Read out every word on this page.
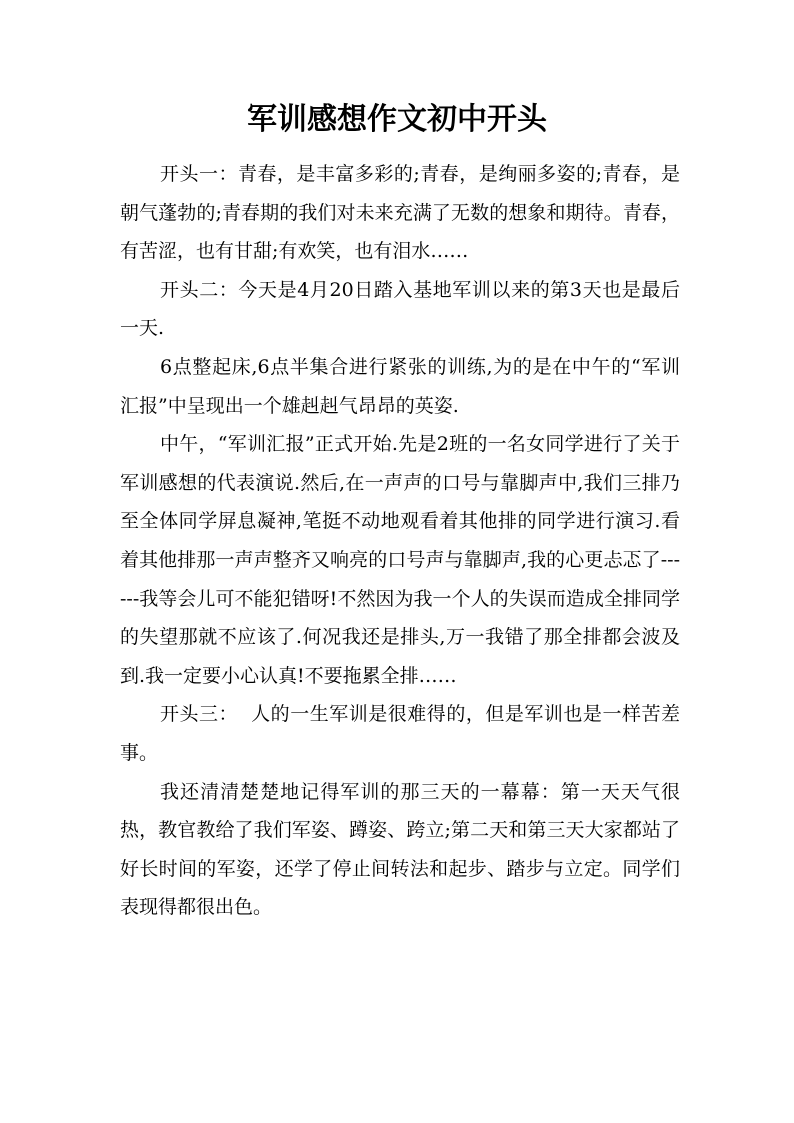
军训感想作文初中开头

开头一：青春，是丰富多彩的;青春，是绚丽多姿的;青春，是朝气蓬勃的;青春期的我们对未来充满了无数的想象和期待。青春，有苦涩，也有甘甜;有欢笑，也有泪水……

开头二：今天是4月20日踏入基地军训以来的第3天也是最后一天.

6点整起床,6点半集合进行紧张的训练,为的是在中午的“军训汇报”中呈现出一个雄赳赳气昂昂的英姿.

中午，“军训汇报”正式开始.先是2班的一名女同学进行了关于军训感想的代表演说.然后,在一声声的口号与靠脚声中,我们三排乃至全体同学屏息凝神,笔挺不动地观看着其他排的同学进行演习.看着其他排那一声声整齐又响亮的口号声与靠脚声,我的心更忐忑了------我等会儿可不能犯错呀!不然因为我一个人的失误而造成全排同学的失望那就不应该了.何况我还是排头,万一我错了那全排都会波及到.我一定要小心认真!不要拖累全排……

开头三：  人的一生军训是很难得的，但是军训也是一样苦差事。

我还清清楚楚地记得军训的那三天的一幕幕：第一天天气很热，教官教给了我们军姿、蹲姿、跨立;第二天和第三天大家都站了好长时间的军姿，还学了停止间转法和起步、踏步与立定。同学们表现得都很出色。
